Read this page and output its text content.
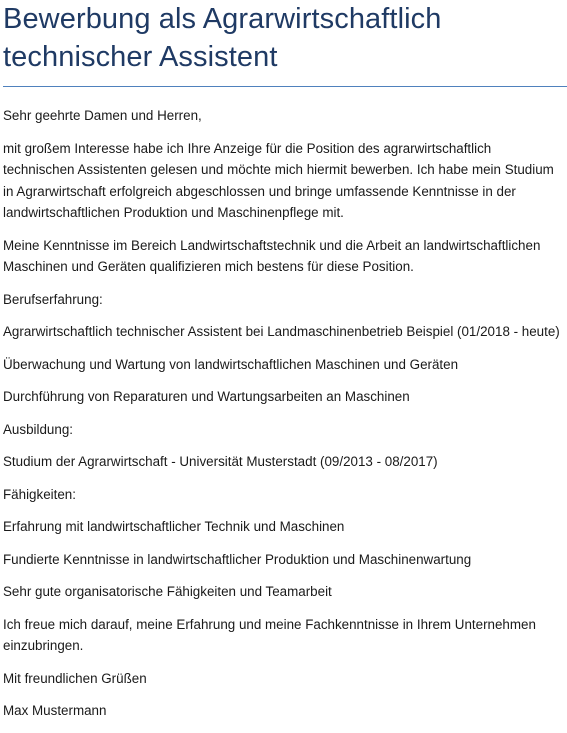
Bewerbung als Agrarwirtschaftlich
technischer Assistent

Sehr geehrte Damen und Herren,

mit großem Interesse habe ich Ihre Anzeige für die Position des agrarwirtschaftlich technischen Assistenten gelesen und möchte mich hiermit bewerben. Ich habe mein Studium in Agrarwirtschaft erfolgreich abgeschlossen und bringe umfassende Kenntnisse in der landwirtschaftlichen Produktion und Maschinenpflege mit.

Meine Kenntnisse im Bereich Landwirtschaftstechnik und die Arbeit an landwirtschaftlichen Maschinen und Geräten qualifizieren mich bestens für diese Position.

Berufserfahrung:

Agrarwirtschaftlich technischer Assistent bei Landmaschinenbetrieb Beispiel (01/2018 - heute)

Überwachung und Wartung von landwirtschaftlichen Maschinen und Geräten

Durchführung von Reparaturen und Wartungsarbeiten an Maschinen

Ausbildung:

Studium der Agrarwirtschaft - Universität Musterstadt (09/2013 - 08/2017)

Fähigkeiten:

Erfahrung mit landwirtschaftlicher Technik und Maschinen

Fundierte Kenntnisse in landwirtschaftlicher Produktion und Maschinenwartung

Sehr gute organisatorische Fähigkeiten und Teamarbeit

Ich freue mich darauf, meine Erfahrung und meine Fachkenntnisse in Ihrem Unternehmen einzubringen.

Mit freundlichen Grüßen

Max Mustermann
